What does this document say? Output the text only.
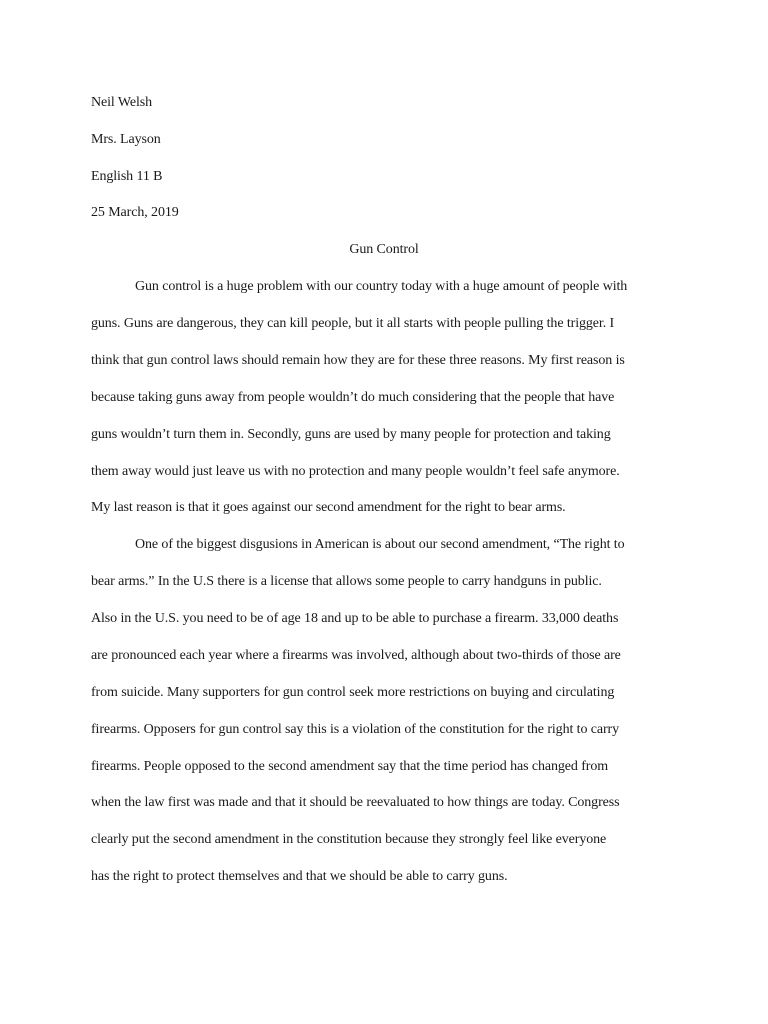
Neil Welsh
Mrs. Layson
English 11 B
25 March, 2019
Gun Control
Gun control is a huge problem with our country today with a huge amount of people with
guns. Guns are dangerous, they can kill people, but it all starts with people pulling the trigger. I
think that gun control laws should remain how they are for these three reasons. My first reason is
because taking guns away from people wouldn’t do much considering that the people that have
guns wouldn’t turn them in. Secondly, guns are used by many people for protection and taking
them away would just leave us with no protection and many people wouldn’t feel safe anymore.
My last reason is that it goes against our second amendment for the right to bear arms.
One of the biggest disgusions in American is about our second amendment, “The right to
bear arms.” In the U.S there is a license that allows some people to carry handguns in public.
Also in the U.S. you need to be of age 18 and up to be able to purchase a firearm. 33,000 deaths
are pronounced each year where a firearms was involved, although about two-thirds of those are
from suicide. Many supporters for gun control seek more restrictions on buying and circulating
firearms. Opposers for gun control say this is a violation of the constitution for the right to carry
firearms. People opposed to the second amendment say that the time period has changed from
when the law first was made and that it should be reevaluated to how things are today. Congress
clearly put the second amendment in the constitution because they strongly feel like everyone
has the right to protect themselves and that we should be able to carry guns.
